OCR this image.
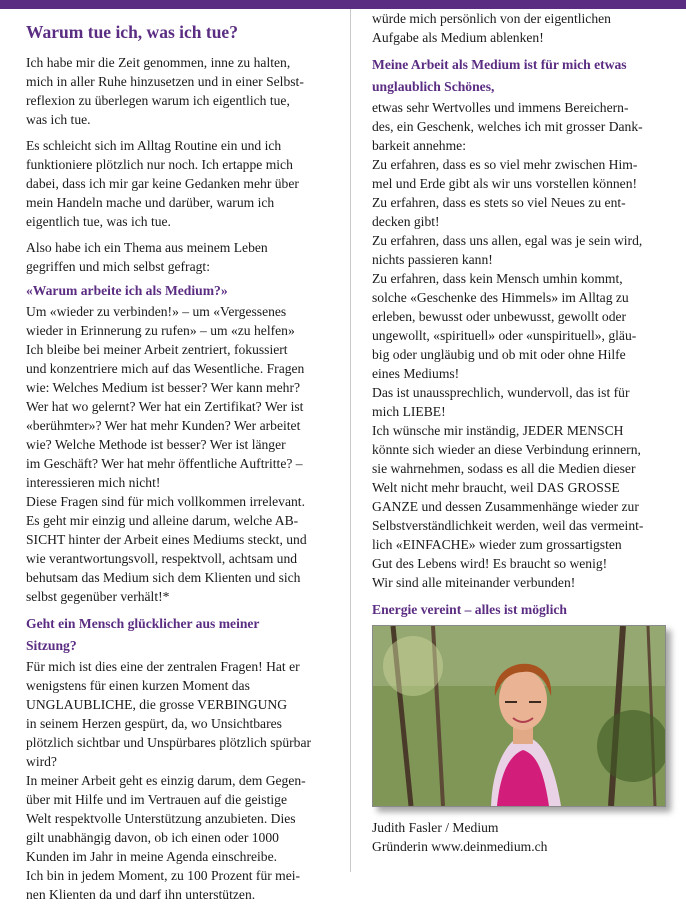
Warum tue ich, was ich tue?
Ich habe mir die Zeit genommen, inne zu halten,
mich in aller Ruhe hinzusetzen und in einer Selbst-
reflexion zu überlegen warum ich eigentlich tue,
was ich tue.
Es schleicht sich im Alltag Routine ein und ich
funktioniere plötzlich nur noch. Ich ertappe mich
dabei, dass ich mir gar keine Gedanken mehr über
mein Handeln mache und darüber, warum ich
eigentlich tue, was ich tue.
Also habe ich ein Thema aus meinem Leben
gegriffen und mich selbst gefragt:
«Warum arbeite ich als Medium?»
Um «wieder zu verbinden!» – um «Vergessenes
wieder in Erinnerung zu rufen» – um «zu helfen»
Ich bleibe bei meiner Arbeit zentriert, fokussiert
und konzentriere mich auf das Wesentliche. Fragen
wie: Welches Medium ist besser? Wer kann mehr?
Wer hat wo gelernt? Wer hat ein Zertifikat? Wer ist
«berühmter»? Wer hat mehr Kunden? Wer arbeitet
wie? Welche Methode ist besser? Wer ist länger
im Geschäft? Wer hat mehr öffentliche Auftritte? –
interessieren mich nicht!
Diese Fragen sind für mich vollkommen irrelevant.
Es geht mir einzig und alleine darum, welche AB-
SICHT hinter der Arbeit eines Mediums steckt, und
wie verantwortungsvoll, respektvoll, achtsam und
behutsam das Medium sich dem Klienten und sich
selbst gegenüber verhält!*
Geht ein Mensch glücklicher aus meiner
Sitzung?
Für mich ist dies eine der zentralen Fragen! Hat er
wenigstens für einen kurzen Moment das
UNGLAUBLICHE, die grosse VERBINGUNG
in seinem Herzen gespürt, da, wo Unsichtbares
plötzlich sichtbar und Unspürbares plötzlich spürbar
wird?
In meiner Arbeit geht es einzig darum, dem Gegen-
über mit Hilfe und im Vertrauen auf die geistige
Welt respektvolle Unterstützung anzubieten. Dies
gilt unabhängig davon, ob ich einen oder 1000
Kunden im Jahr in meine Agenda einschreibe.
Ich bin in jedem Moment, zu 100 Prozent für mei-
nen Klienten da und darf ihn unterstützen.
würde mich persönlich von der eigentlichen
Aufgabe als Medium ablenken!
Meine Arbeit als Medium ist für mich etwas
unglaublich Schönes,
etwas sehr Wertvolles und immens Bereichern-
des, ein Geschenk, welches ich mit grosser Dank-
barkeit annehme:
Zu erfahren, dass es so viel mehr zwischen Him-
mel und Erde gibt als wir uns vorstellen können!
Zu erfahren, dass es stets so viel Neues zu ent-
decken gibt!
Zu erfahren, dass uns allen, egal was je sein wird,
nichts passieren kann!
Zu erfahren, dass kein Mensch umhin kommt,
solche «Geschenke des Himmels» im Alltag zu
erleben, bewusst oder unbewusst, gewollt oder
ungewollt, «spirituell» oder «unspirituell», gläu-
big oder ungläubig und ob mit oder ohne Hilfe
eines Mediums!
Das ist unaussprechlich, wundervoll, das ist für
mich LIEBE!
Ich wünsche mir inständig, JEDER MENSCH
könnte sich wieder an diese Verbindung erinnern,
sie wahrnehmen, sodass es all die Medien dieser
Welt nicht mehr braucht, weil DAS GROSSE
GANZE und dessen Zusammenhänge wieder zur
Selbstverständlichkeit werden, weil das vermeint-
lich «EINFACHE» wieder zum grossartigsten
Gut des Lebens wird! Es braucht so wenig!
Wir sind alle miteinander verbunden!
Energie vereint – alles ist möglich
Judith Fasler / Medium
Gründerin www.deinmedium.ch
